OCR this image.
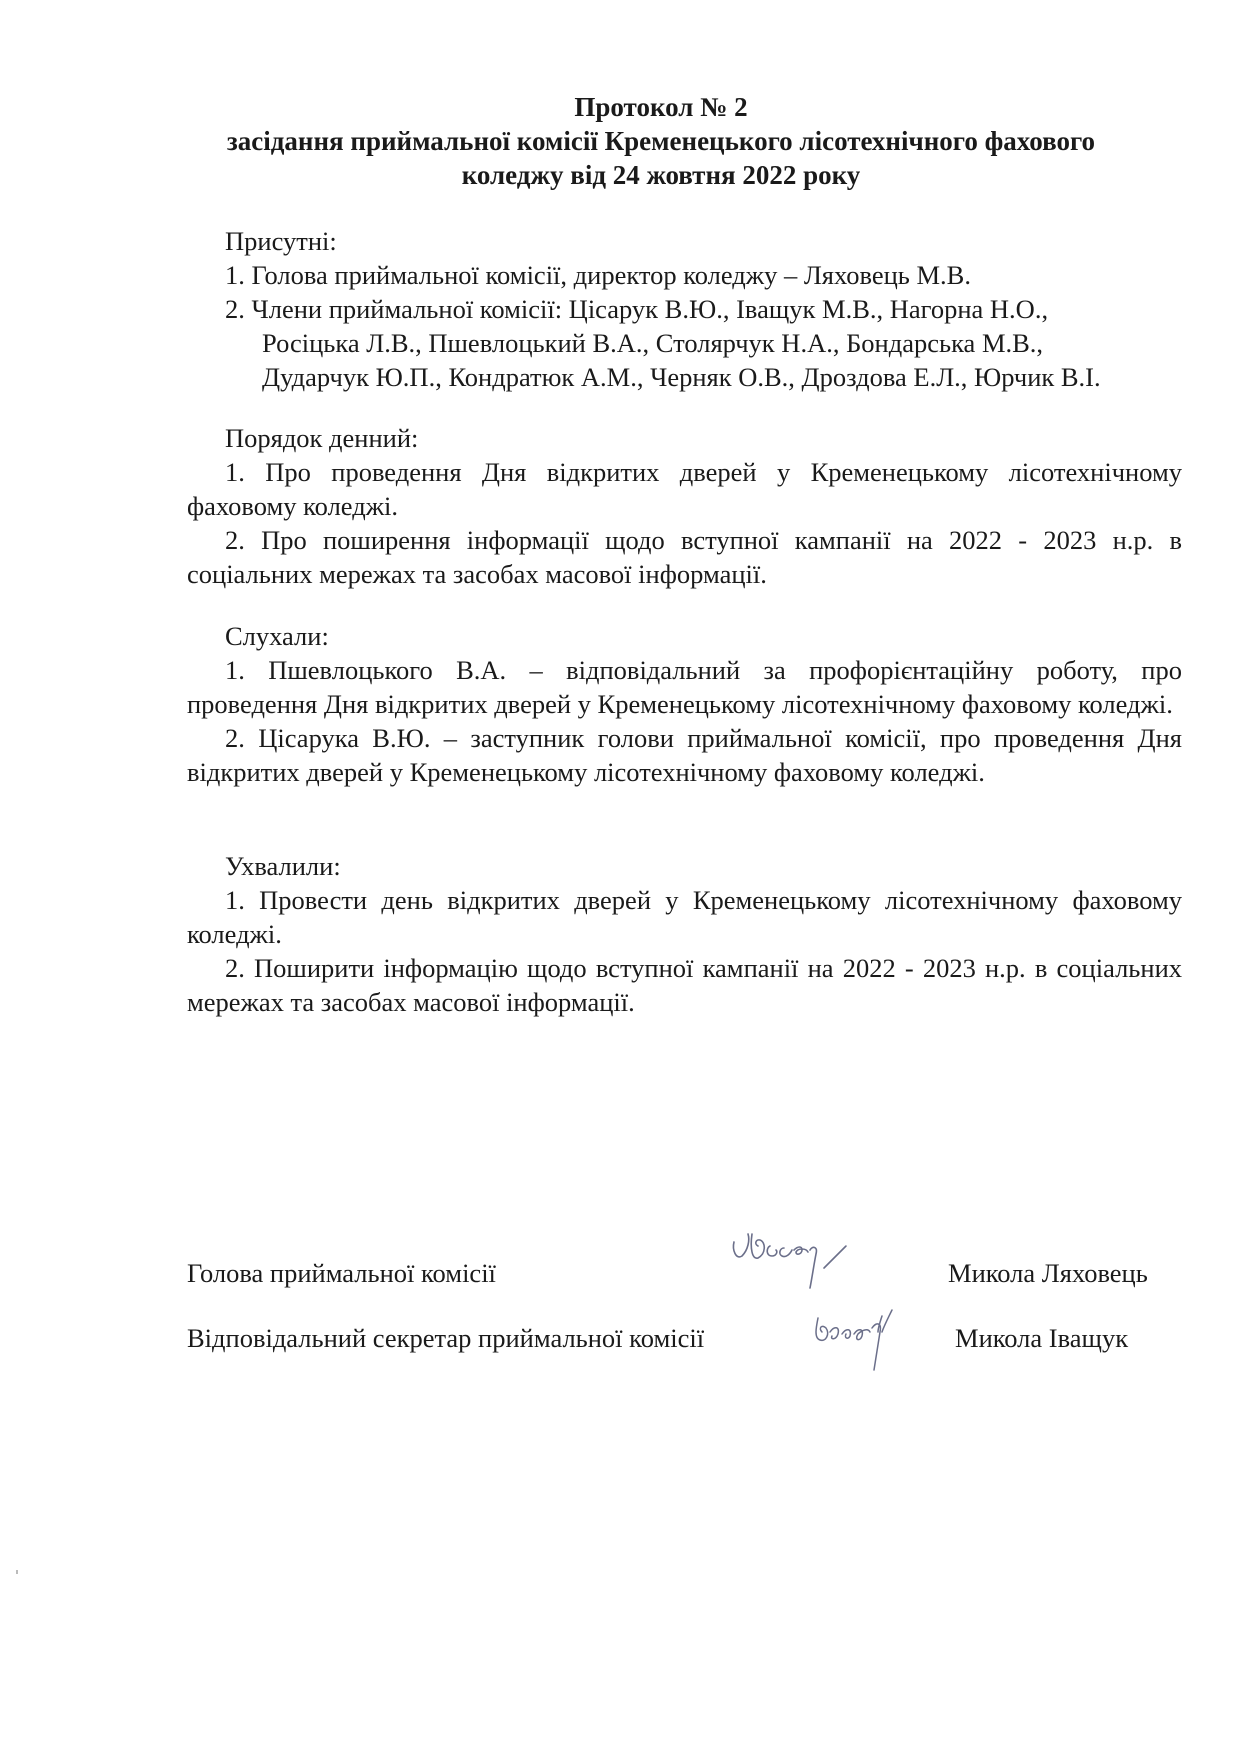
Протокол № 2
засідання приймальної комісії Кременецького лісотехнічного фахового
коледжу від 24 жовтня 2022 року
Присутні:
1. Голова приймальної комісії, директор коледжу – Ляховець М.В.
2. Члени приймальної комісії: Цісарук В.Ю., Іващук М.В., Нагорна Н.О.,
Росіцька Л.В., Пшевлоцький В.А., Столярчук Н.А., Бондарська М.В.,
Дударчук Ю.П., Кондратюк А.М., Черняк О.В., Дроздова Е.Л., Юрчик В.І.
Порядок денний:
1. Про проведення Дня відкритих дверей у Кременецькому лісотехнічному фаховому коледжі.
2. Про поширення інформації щодо вступної кампанії на 2022 - 2023 н.р. в соціальних мережах та засобах масової інформації.
Слухали:
1. Пшевлоцького В.А. – відповідальний за профорієнтаційну роботу, про проведення Дня відкритих дверей у Кременецькому лісотехнічному фаховому коледжі.
2. Цісарука В.Ю. – заступник голови приймальної комісії, про проведення Дня відкритих дверей у Кременецькому лісотехнічному фаховому коледжі.
Ухвалили:
1. Провести день відкритих дверей у Кременецькому лісотехнічному фаховому коледжі.
2. Поширити інформацію щодо вступної кампанії на 2022 - 2023 н.р. в соціальних мережах та засобах масової інформації.
Голова приймальної комісії	Микола Ляховець
Відповідальний секретар приймальної комісії	Микола Іващук
